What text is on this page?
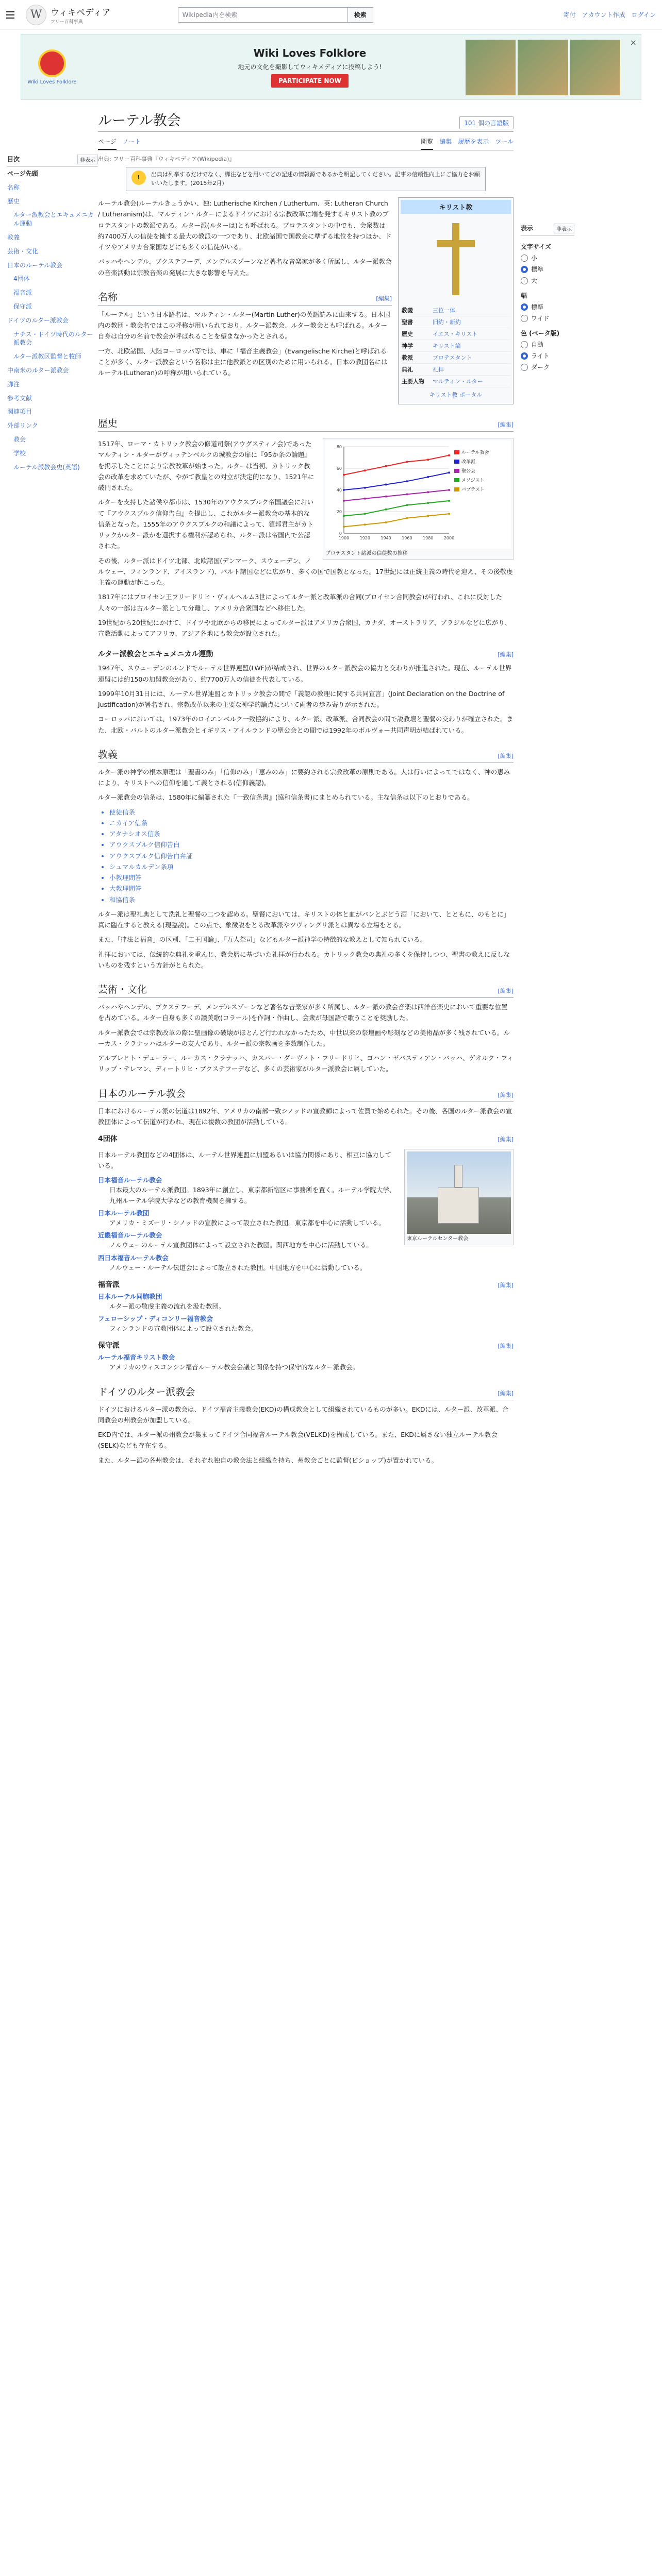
W ウィキペディア
フリー百科事典
Wikipedia内を検索	検索	寄付 アカウント作成 ログイン
Wiki Loves Folklore
Wiki Loves Folklore
地元の文化を撮影してウィキメディアに投稿しよう!
PARTICIPATE NOW
×
目次	非表示
ページ先頭
名称
歴史
ルター派教会とエキュメニカル運動
教義
芸術・文化
日本のルーテル教会
4団体
福音派
保守派
ドイツのルター派教会
ナチス・ドイツ時代のルター派教会
ルター派教区監督と牧師
中南米のルター派教会
脚注
参考文献
関連項目
外部リンク
教会
学校
ルーテル派教会史(英語)
ルーテル教会	101 個の言語版
ページ ノート	閲覧 編集 履歴を表示 ツール
出典: フリー百科事典『ウィキペディア(Wikipedia)』
!	出典は列挙するだけでなく、脚注などを用いてどの記述の情報源であるかを明記してください。記事の信頼性向上にご協力をお願いいたします。(2015年2月)

ルーテル教会(ルーテルきょうかい、独: Lutherische Kirchen / Luthertum、英: Lutheran Church / Lutheranism)は、マルティン・ルターによるドイツにおける宗教改革に端を発するキリスト教のプロテスタントの教派である。ルター派(ルターは)とも呼ばれる。プロテスタントの中でも、会衆数は約7400万人の信徒を擁する最大の教派の一つであり、北欧諸国で国教会に準ずる地位を持つほか、ドイツやアメリカ合衆国などにも多くの信徒がいる。

バッハやヘンデル、ブクステフーデ、メンデルスゾーンなど著名な音楽家が多く所属し、ルター派教会の音楽活動は宗教音楽の発展に大きな影響を与えた。

名称	[編集]

「ルーテル」という日本語名は、マルティン・ルター(Martin Luther)の英語読みに由来する。日本国内の教団・教会名ではこの呼称が用いられており、ルター派教会、ルター教会とも呼ばれる。ルター自身は自分の名前で教会が呼ばれることを望まなかったとされる。

一方、北欧諸国、大陸ヨーロッパ等では、単に「福音主義教会」(Evangelische Kirche)と呼ばれることが多く、ルター派教会という名称は主に他教派との区別のために用いられる。日本の教団名にはルーテル(Lutheran)の呼称が用いられている。

キリスト教
教義	三位一体
聖書	旧約・新約
歴史	イエス・キリスト
神学	キリスト論
教派	プロテスタント
典礼	礼拝
主要人物	マルティン・ルター
キリスト教 ポータル
歴史	[編集]
0
20
40
60
80
1900	1920	1940	1960	1980	2000
ルーテル教会
改革派
聖公会
メソジスト
バプテスト
プロテスタント諸派の信徒数の推移

1517年、ローマ・カトリック教会の修道司祭(アウグスティノ会)であったマルティン・ルターがヴィッテンベルクの城教会の扉に『95か条の論題』を掲示したことにより宗教改革が始まった。ルターは当初、カトリック教会の改革を求めていたが、やがて教皇との対立が決定的になり、1521年に破門された。

ルターを支持した諸侯や都市は、1530年のアウクスブルク帝国議会において『アウクスブルク信仰告白』を提出し、これがルター派教会の基本的な信条となった。1555年のアウクスブルクの和議によって、領邦君主がカトリックかルター派かを選択する権利が認められ、ルター派は帝国内で公認された。

その後、ルター派はドイツ北部、北欧諸国(デンマーク、スウェーデン、ノルウェー、フィンランド、アイスランド)、バルト諸国などに広がり、多くの国で国教となった。17世紀には正統主義の時代を迎え、その後敬虔主義の運動が起こった。

1817年にはプロイセン王フリードリヒ・ヴィルヘルム3世によってルター派と改革派の合同(プロイセン合同教会)が行われ、これに反対した人々の一部は古ルター派として分離し、アメリカ合衆国などへ移住した。

19世紀から20世紀にかけて、ドイツや北欧からの移民によってルター派はアメリカ合衆国、カナダ、オーストラリア、ブラジルなどに広がり、宣教活動によってアフリカ、アジア各地にも教会が設立された。

ルター派教会とエキュメニカル運動	[編集]

1947年、スウェーデンのルンドでルーテル世界連盟(LWF)が結成され、世界のルター派教会の協力と交わりが推進された。現在、ルーテル世界連盟には約150の加盟教会があり、約7700万人の信徒を代表している。

1999年10月31日には、ルーテル世界連盟とカトリック教会の間で「義認の教理に関する共同宣言」(Joint Declaration on the Doctrine of Justification)が署名され、宗教改革以来の主要な神学的論点について両者の歩み寄りが示された。

ヨーロッパにおいては、1973年のロイエンベルク一致協約により、ルター派、改革派、合同教会の間で説教壇と聖餐の交わりが確立された。また、北欧・バルトのルター派教会とイギリス・アイルランドの聖公会との間では1992年のポルヴォー共同声明が結ばれている。

教義	[編集]

ルター派の神学の根本原理は「聖書のみ」「信仰のみ」「恵みのみ」に要約される宗教改革の原則である。人は行いによってではなく、神の恵みにより、キリストへの信仰を通して義とされる(信仰義認)。

ルター派教会の信条は、1580年に編纂された『一致信条書』(協和信条書)にまとめられている。主な信条は以下のとおりである。

• 使徒信条
• ニカイア信条
• アタナシオス信条
• アウクスブルク信仰告白
• アウクスブルク信仰告白弁証
• シュマルカルデン条項
• 小教理問答
• 大教理問答
• 和協信条

ルター派は聖礼典として洗礼と聖餐の二つを認める。聖餐においては、キリストの体と血がパンとぶどう酒「において、とともに、のもとに」真に臨在すると教える(現臨説)。この点で、象徴説をとる改革派やツヴィングリ派とは異なる立場をとる。

また、「律法と福音」の区別、「二王国論」、「万人祭司」などもルター派神学の特徴的な教えとして知られている。

礼拝においては、伝統的な典礼を重んじ、教会暦に基づいた礼拝が行われる。カトリック教会の典礼の多くを保持しつつ、聖書の教えに反しないものを残すという方針がとられた。

芸術・文化	[編集]

バッハやヘンデル、ブクステフーデ、メンデルスゾーンなど著名な音楽家が多く所属し、ルター派の教会音楽は西洋音楽史において重要な位置を占めている。ルター自身も多くの讃美歌(コラール)を作詞・作曲し、会衆が母国語で歌うことを奨励した。

ルター派教会では宗教改革の際に聖画像の破壊がほとんど行われなかったため、中世以来の祭壇画や彫刻などの美術品が多く残されている。ルーカス・クラナッハはルターの友人であり、ルター派の宗教画を多数制作した。

アルブレヒト・デューラー、ルーカス・クラナッハ、カスパー・ダーヴィト・フリードリヒ、ヨハン・ゼバスティアン・バッハ、ゲオルク・フィリップ・テレマン、ディートリヒ・ブクステフーデなど、多くの芸術家がルター派教会に属していた。

日本のルーテル教会	[編集]

日本におけるルーテル派の伝道は1892年、アメリカの南部一致シノッドの宣教師によって佐賀で始められた。その後、各国のルター派教会の宣教団体によって伝道が行われ、現在は複数の教団が活動している。

4団体	[編集]
東京ルーテルセンター教会

日本ルーテル教団などの4団体は、ルーテル世界連盟に加盟あるいは協力関係にあり、相互に協力している。

日本福音ルーテル教会
日本最大のルーテル派教団。1893年に創立し、東京都新宿区に事務所を置く。ルーテル学院大学、九州ルーテル学院大学などの教育機関を擁する。
日本ルーテル教団
アメリカ・ミズーリ・シノッドの宣教によって設立された教団。東京都を中心に活動している。
近畿福音ルーテル教会
ノルウェーのルーテル宣教団体によって設立された教団。関西地方を中心に活動している。
西日本福音ルーテル教会
ノルウェー・ルーテル伝道会によって設立された教団。中国地方を中心に活動している。
福音派	[編集]
日本ルーテル同胞教団
ルター派の敬虔主義の流れを汲む教団。
フェローシップ・ディコンリー福音教会
フィンランドの宣教団体によって設立された教会。
保守派	[編集]
ルーテル福音キリスト教会
アメリカのウィスコンシン福音ルーテル教会会議と関係を持つ保守的なルター派教会。
ドイツのルター派教会	[編集]

ドイツにおけるルター派の教会は、ドイツ福音主義教会(EKD)の構成教会として組織されているものが多い。EKDには、ルター派、改革派、合同教会の州教会が加盟している。

EKD内では、ルター派の州教会が集まってドイツ合同福音ルーテル教会(VELKD)を構成している。また、EKDに属さない独立ルーテル教会(SELK)なども存在する。

また、ルター派の各州教会は、それぞれ独自の教会法と組織を持ち、州教会ごとに監督(ビショップ)が置かれている。

表示	非表示
文字サイズ
小
標準
大
幅
標準
ワイド
色 (ベータ版)
自動
ライト
ダーク
